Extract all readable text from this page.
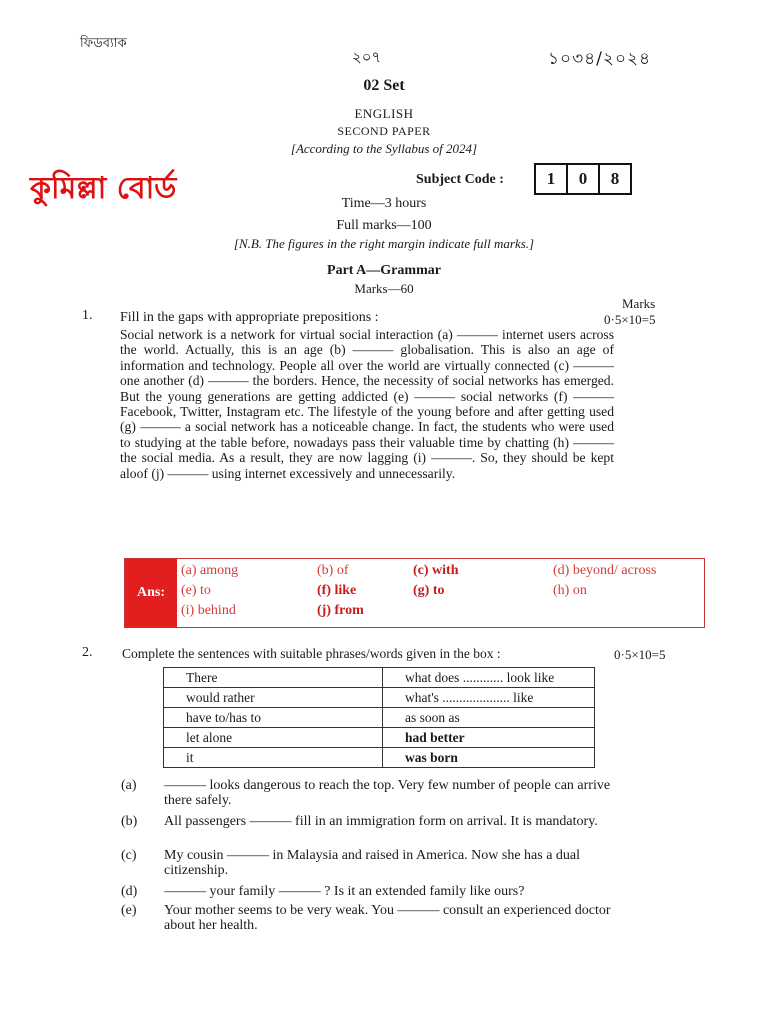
ফিডব্যাক
২০৭	১০৩৪/২০২৪
02 Set
ENGLISH
SECOND PAPER
[According to the Syllabus of 2024]
কুমিল্লা বোর্ড	Subject Code :	1	0	8
Time—3 hours
Full marks—100
[N.B. The figures in the right margin indicate full marks.]
Part A—Grammar
Marks—60
Marks
1. Fill in the gaps with appropriate prepositions :	0·5×10=5

Social network is a network for virtual social interaction (a) ——— internet users across the world. Actually, this is an age (b) ——— globalisation. This is also an age of information and technology. People all over the world are virtually connected (c) ——— one another (d) ——— the borders. Hence, the necessity of social networks has emerged. But the young generations are getting addicted (e) ——— social networks (f) ——— Facebook, Twitter, Instagram etc. The lifestyle of the young before and after getting used (g) ——— a social network has a noticeable change. In fact, the students who were used to studying at the table before, nowadays pass their valuable time by chatting (h) ——— the social media. As a result, they are now lagging (i) ———. So, they should be kept aloof (j) ——— using internet excessively and unnecessarily.

Ans:
(a) among	(b) of	(c) with	(d) beyond/ across
(e) to	(f) like	(g) to	(h) on
(i) behind	(j) from
2. Complete the sentences with suitable phrases/words given in the box :	0·5×10=5
There	what does ............ look like
would rather	what's .................... like
have to/has to	as soon as
let alone	had better
it	was born
(a) ——— looks dangerous to reach the top. Very few number of people can arrive there safely.
(b) All passengers ——— fill in an immigration form on arrival. It is mandatory.
(c) My cousin ——— in Malaysia and raised in America. Now she has a dual citizenship.
(d) ——— your family ——— ? Is it an extended family like ours?
(e) Your mother seems to be very weak. You ——— consult an experienced doctor about her health.
